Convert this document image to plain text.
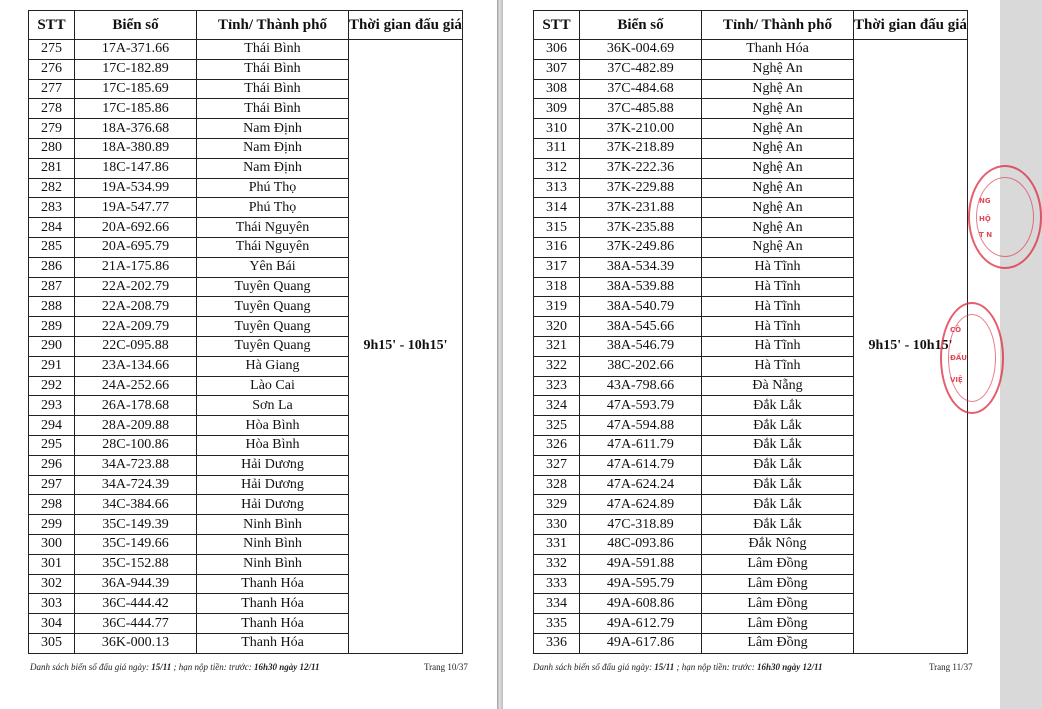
STT	Biển số	Tỉnh/ Thành phố	Thời gian đấu giá
275	17A-371.66	Thái Bình	9h15' - 10h15'
276	17C-182.89	Thái Bình	
277	17C-185.69	Thái Bình	
278	17C-185.86	Thái Bình	
279	18A-376.68	Nam Định	
280	18A-380.89	Nam Định	
281	18C-147.86	Nam Định	
282	19A-534.99	Phú Thọ	
283	19A-547.77	Phú Thọ	
284	20A-692.66	Thái Nguyên	
285	20A-695.79	Thái Nguyên	
286	21A-175.86	Yên Bái	
287	22A-202.79	Tuyên Quang	
288	22A-208.79	Tuyên Quang	
289	22A-209.79	Tuyên Quang	
290	22C-095.88	Tuyên Quang	
291	23A-134.66	Hà Giang	
292	24A-252.66	Lào Cai	
293	26A-178.68	Sơn La	
294	28A-209.88	Hòa Bình	
295	28C-100.86	Hòa Bình	
296	34A-723.88	Hải Dương	
297	34A-724.39	Hải Dương	
298	34C-384.66	Hải Dương	
299	35C-149.39	Ninh Bình	
300	35C-149.66	Ninh Bình	
301	35C-152.88	Ninh Bình	
302	36A-944.39	Thanh Hóa	
303	36C-444.42	Thanh Hóa	
304	36C-444.77	Thanh Hóa	
305	36K-000.13	Thanh Hóa	
Danh sách biển số đấu giá ngày: 15/11 ; hạn nộp tiền: trước: 16h30 ngày 12/11	Trang 10/37
STT	Biển số	Tỉnh/ Thành phố	Thời gian đấu giá
306	36K-004.69	Thanh Hóa	9h15' - 10h15'
307	37C-482.89	Nghệ An	
308	37C-484.68	Nghệ An	
309	37C-485.88	Nghệ An	
310	37K-210.00	Nghệ An	
311	37K-218.89	Nghệ An	
312	37K-222.36	Nghệ An	
313	37K-229.88	Nghệ An	
314	37K-231.88	Nghệ An	
315	37K-235.88	Nghệ An	
316	37K-249.86	Nghệ An	
317	38A-534.39	Hà Tĩnh	
318	38A-539.88	Hà Tĩnh	
319	38A-540.79	Hà Tĩnh	
320	38A-545.66	Hà Tĩnh	
321	38A-546.79	Hà Tĩnh	
322	38C-202.66	Hà Tĩnh	
323	43A-798.66	Đà Nẵng	
324	47A-593.79	Đắk Lắk	
325	47A-594.88	Đắk Lắk	
326	47A-611.79	Đắk Lắk	
327	47A-614.79	Đắk Lắk	
328	47A-624.24	Đắk Lắk	
329	47A-624.89	Đắk Lắk	
330	47C-318.89	Đắk Lắk	
331	48C-093.86	Đắk Nông	
332	49A-591.88	Lâm Đồng	
333	49A-595.79	Lâm Đồng	
334	49A-608.86	Lâm Đồng	
335	49A-612.79	Lâm Đồng	
336	49A-617.86	Lâm Đồng	
Danh sách biển số đấu giá ngày: 15/11 ; hạn nộp tiền: trước: 16h30 ngày 12/11	Trang 11/37
CÔ
ĐẤU
VIỆ
NG
HỘ
T N
